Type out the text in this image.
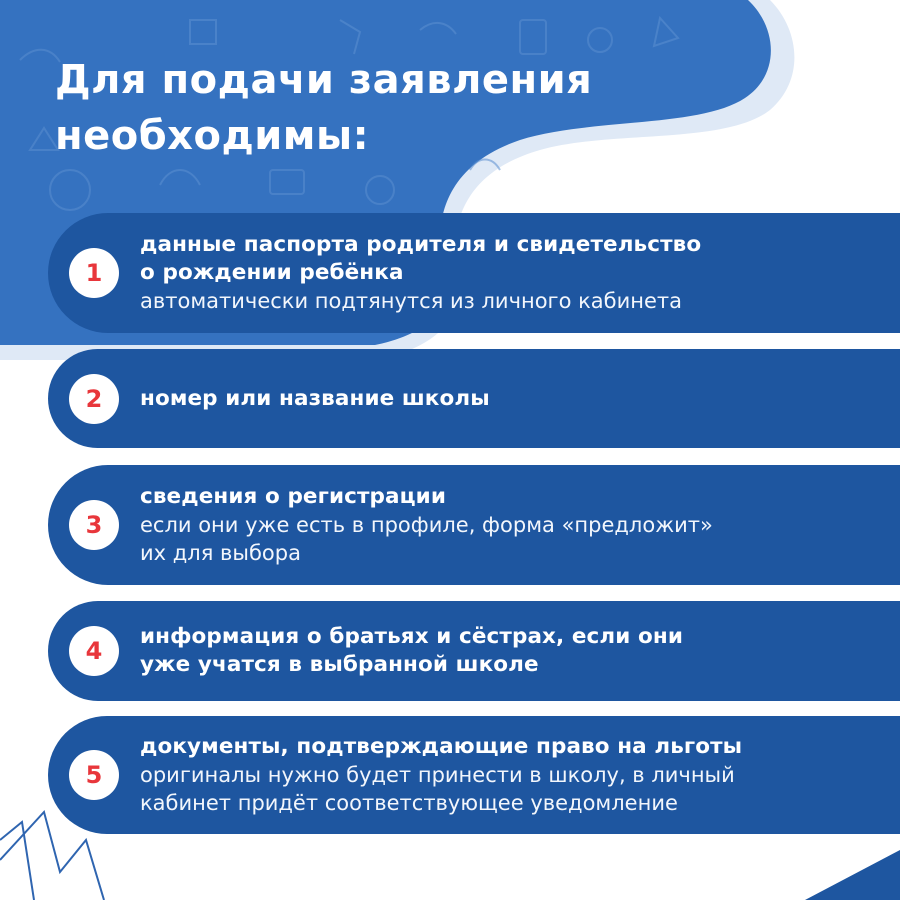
Для подачи заявления
необходимы:
1
данные паспорта родителя и свидетельство
о рождении ребёнка
автоматически подтянутся из личного кабинета
2	номер или название школы
3
сведения о регистрации
если они уже есть в профиле, форма «предложит»
их для выбора
4
информация о братьях и сёстрах, если они
уже учатся в выбранной школе
5
документы, подтверждающие право на льготы
оригиналы нужно будет принести в школу, в личный
кабинет придёт соответствующее уведомление
